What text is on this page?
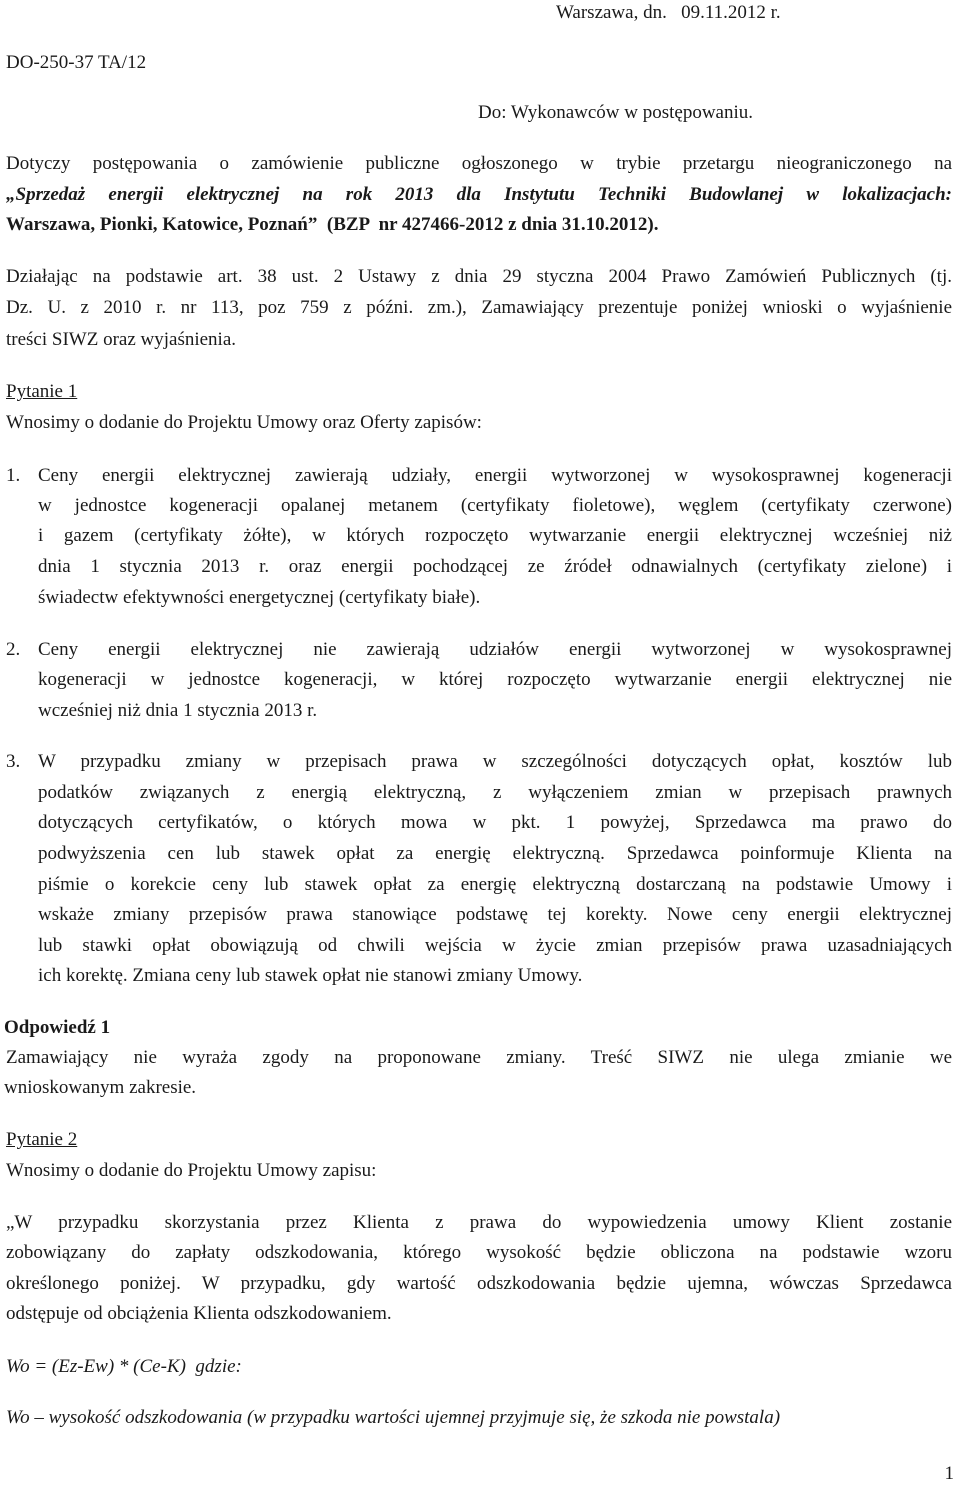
Warszawa, dn.   09.11.2012 r.
DO-250-37 TA/12
Do: Wykonawców w postępowaniu.
Dotyczy postępowania o zamówienie publiczne ogłoszonego w trybie przetargu nieograniczonego na
„Sprzedaż energii elektrycznej na rok 2013 dla Instytutu Techniki Budowlanej w lokalizacjach:
Warszawa, Pionki, Katowice, Poznań”  (BZP  nr 427466-2012 z dnia 31.10.2012).
Działając na podstawie art. 38 ust. 2 Ustawy z dnia 29 styczna 2004 Prawo Zamówień Publicznych (tj.
Dz. U. z 2010 r. nr 113, poz 759 z późni. zm.), Zamawiający prezentuje poniżej wnioski o wyjaśnienie
treści SIWZ oraz wyjaśnienia.
Pytanie 1
Wnosimy o dodanie do Projektu Umowy oraz Oferty zapisów:
1. Ceny energii elektrycznej zawierają udziały, energii wytworzonej w wysokosprawnej kogeneracji
w jednostce kogeneracji opalanej metanem (certyfikaty fioletowe), węglem (certyfikaty czerwone)
i gazem (certyfikaty żółte), w których rozpoczęto wytwarzanie energii elektrycznej wcześniej niż
dnia 1 stycznia 2013 r. oraz energii pochodzącej ze źródeł odnawialnych (certyfikaty zielone) i
świadectw efektywności energetycznej (certyfikaty białe).
2. Ceny energii elektrycznej nie zawierają udziałów energii wytworzonej w wysokosprawnej
kogeneracji w jednostce kogeneracji, w której rozpoczęto wytwarzanie energii elektrycznej nie
wcześniej niż dnia 1 stycznia 2013 r.
3. W przypadku zmiany w przepisach prawa w szczególności dotyczących opłat, kosztów lub
podatków związanych z energią elektryczną, z wyłączeniem zmian w przepisach prawnych
dotyczących certyfikatów, o których mowa w pkt. 1 powyżej, Sprzedawca ma prawo do
podwyższenia cen lub stawek opłat za energię elektryczną. Sprzedawca poinformuje Klienta na
piśmie o korekcie ceny lub stawek opłat za energię elektryczną dostarczaną na podstawie Umowy i
wskaże zmiany przepisów prawa stanowiące podstawę tej korekty. Nowe ceny energii elektrycznej
lub stawki opłat obowiązują od chwili wejścia w życie zmian przepisów prawa uzasadniających
ich korektę. Zmiana ceny lub stawek opłat nie stanowi zmiany Umowy.
Odpowiedź 1
Zamawiający nie wyraża zgody na proponowane zmiany. Treść SIWZ nie ulega zmianie we
wnioskowanym zakresie.
Pytanie 2
Wnosimy o dodanie do Projektu Umowy zapisu:
„W przypadku skorzystania przez Klienta z prawa do wypowiedzenia umowy Klient zostanie
zobowiązany do zapłaty odszkodowania, którego wysokość będzie obliczona na podstawie wzoru
określonego poniżej. W przypadku, gdy wartość odszkodowania będzie ujemna, wówczas Sprzedawca
odstępuje od obciążenia Klienta odszkodowaniem.
Wo = (Ez-Ew) * (Ce-K)  gdzie:
Wo – wysokość odszkodowania (w przypadku wartości ujemnej przyjmuje się, że szkoda nie powstala)
1
